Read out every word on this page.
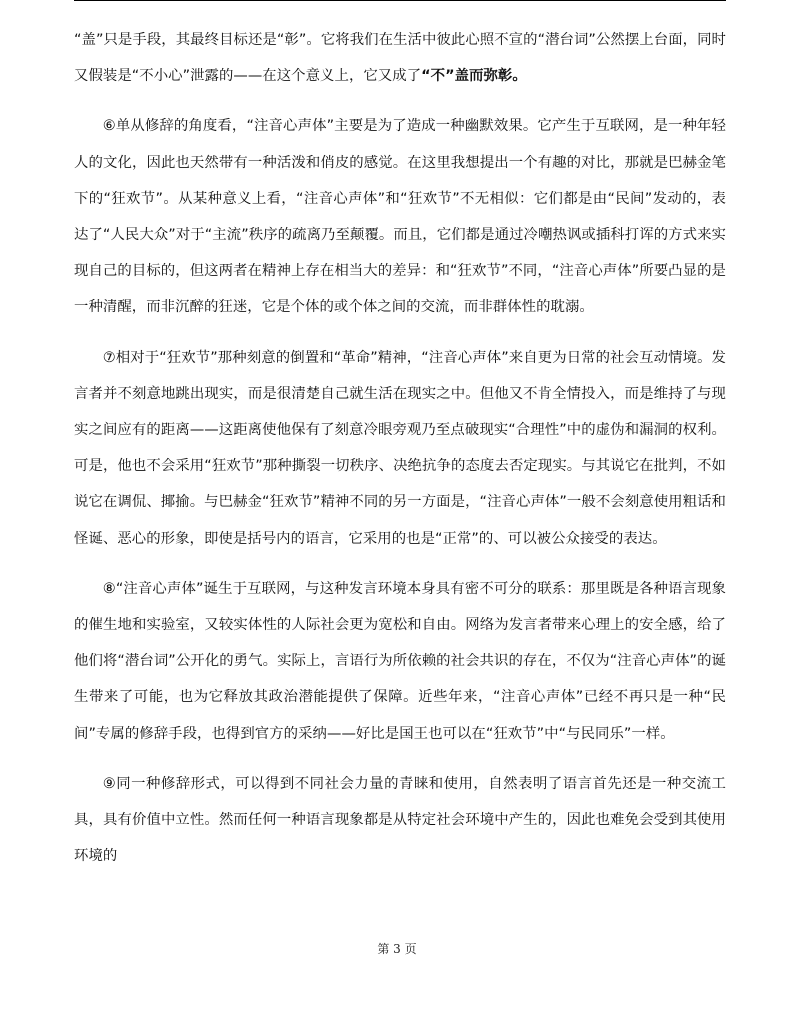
“盖”只是手段，其最终目标还是“彰”。它将我们在生活中彼此心照不宣的“潜台词”公然摆上台面，同时又假装是“不小心”泄露的——在这个意义上，它又成了“不”盖而弥彰。

⑥单从修辞的角度看，“注音心声体”主要是为了造成一种幽默效果。它产生于互联网，是一种年轻人的文化，因此也天然带有一种活泼和俏皮的感觉。在这里我想提出一个有趣的对比，那就是巴赫金笔下的“狂欢节”。从某种意义上看，“注音心声体”和“狂欢节”不无相似：它们都是由“民间”发动的，表达了“人民大众”对于“主流”秩序的疏离乃至颠覆。而且，它们都是通过冷嘲热讽或插科打诨的方式来实现自己的目标的，但这两者在精神上存在相当大的差异：和“狂欢节”不同，“注音心声体”所要凸显的是一种清醒，而非沉醉的狂迷，它是个体的或个体之间的交流，而非群体性的耽溺。

⑦相对于“狂欢节”那种刻意的倒置和“革命”精神，“注音心声体”来自更为日常的社会互动情境。发言者并不刻意地跳出现实，而是很清楚自己就生活在现实之中。但他又不肯全情投入，而是维持了与现实之间应有的距离——这距离使他保有了刻意冷眼旁观乃至点破现实“合理性”中的虚伪和漏洞的权利。可是，他也不会采用“狂欢节”那种撕裂一切秩序、决绝抗争的态度去否定现实。与其说它在批判，不如说它在调侃、揶揄。与巴赫金“狂欢节”精神不同的另一方面是，“注音心声体”一般不会刻意使用粗话和怪诞、恶心的形象，即使是括号内的语言，它采用的也是“正常”的、可以被公众接受的表达。

⑧“注音心声体”诞生于互联网，与这种发言环境本身具有密不可分的联系：那里既是各种语言现象的催生地和实验室，又较实体性的人际社会更为宽松和自由。网络为发言者带来心理上的安全感，给了他们将“潜台词”公开化的勇气。实际上，言语行为所依赖的社会共识的存在，不仅为“注音心声体”的诞生带来了可能，也为它释放其政治潜能提供了保障。近些年来，“注音心声体”已经不再只是一种“民间”专属的修辞手段，也得到官方的采纳——好比是国王也可以在“狂欢节”中“与民同乐”一样。

⑨同一种修辞形式，可以得到不同社会力量的青睐和使用，自然表明了语言首先还是一种交流工具，具有价值中立性。然而任何一种语言现象都是从特定社会环境中产生的，因此也难免会受到其使用环境的

第 3 页
